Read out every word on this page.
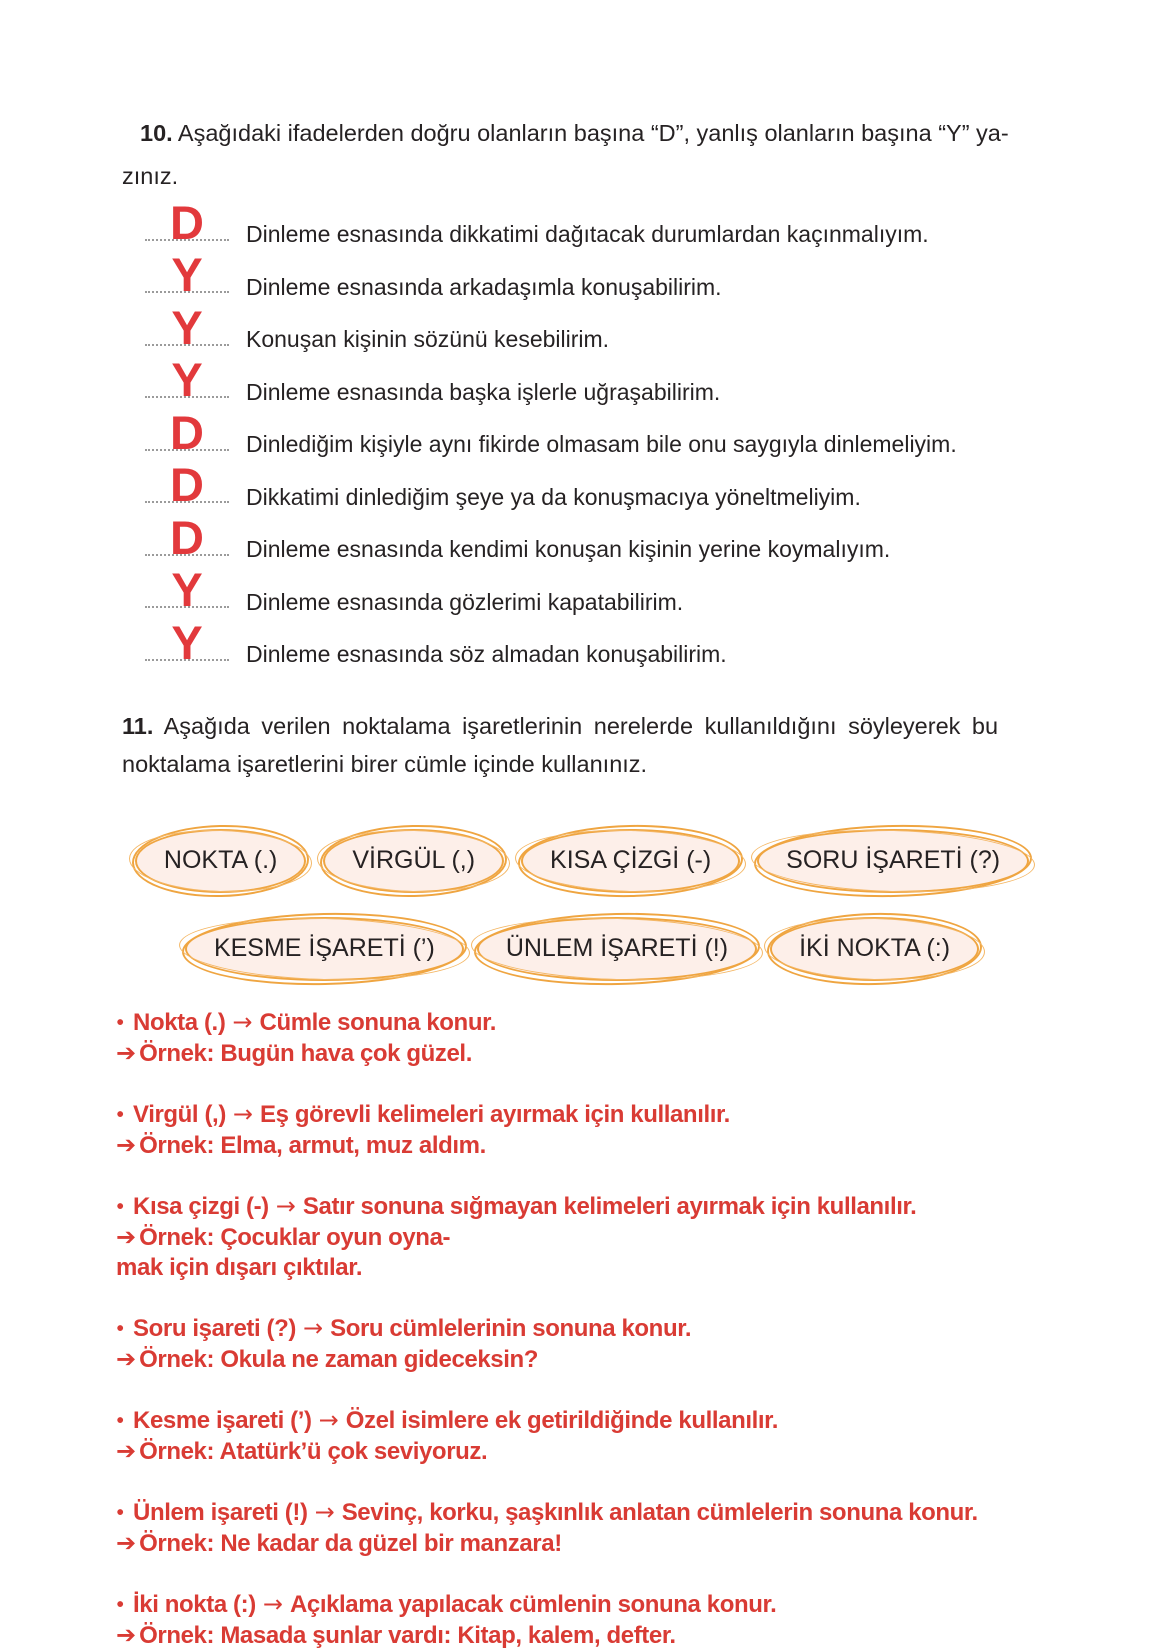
10. Aşağıdaki ifadelerden doğru olanların başına “D”, yanlış olanların başına “Y” ya-
zınız.
D	Dinleme esnasında dikkatimi dağıtacak durumlardan kaçınmalıyım.
Y	Dinleme esnasında arkadaşımla konuşabilirim.
Y	Konuşan kişinin sözünü kesebilirim.
Y	Dinleme esnasında başka işlerle uğraşabilirim.
D	Dinlediğim kişiyle aynı fikirde olmasam bile onu saygıyla dinlemeliyim.
D	Dikkatimi dinlediğim şeye ya da konuşmacıya yöneltmeliyim.
D	Dinleme esnasında kendimi konuşan kişinin yerine koymalıyım.
Y	Dinleme esnasında gözlerimi kapatabilirim.
Y	Dinleme esnasında söz almadan konuşabilirim.
11. Aşağıda verilen noktalama işaretlerinin nerelerde kullanıldığını söyleyerek bu
noktalama işaretlerini birer cümle içinde kullanınız.
NOKTA (.)	VİRGÜL (,)	KISA ÇİZGİ (-)	SORU İŞARETİ (?)
KESME İŞARETİ (’)	ÜNLEM İŞARETİ (!)	İKİ NOKTA (:)
• Nokta (.) → Cümle sonuna konur.
➔ Örnek: Bugün hava çok güzel.
• Virgül (,) → Eş görevli kelimeleri ayırmak için kullanılır.
➔ Örnek: Elma, armut, muz aldım.
• Kısa çizgi (-) → Satır sonuna sığmayan kelimeleri ayırmak için kullanılır.
➔ Örnek: Çocuklar oyun oyna-
mak için dışarı çıktılar.
• Soru işareti (?) → Soru cümlelerinin sonuna konur.
➔ Örnek: Okula ne zaman gideceksin?
• Kesme işareti (’) → Özel isimlere ek getirildiğinde kullanılır.
➔ Örnek: Atatürk’ü çok seviyoruz.
• Ünlem işareti (!) → Sevinç, korku, şaşkınlık anlatan cümlelerin sonuna konur.
➔ Örnek: Ne kadar da güzel bir manzara!
• İki nokta (:) → Açıklama yapılacak cümlenin sonuna konur.
➔ Örnek: Masada şunlar vardı: Kitap, kalem, defter.
